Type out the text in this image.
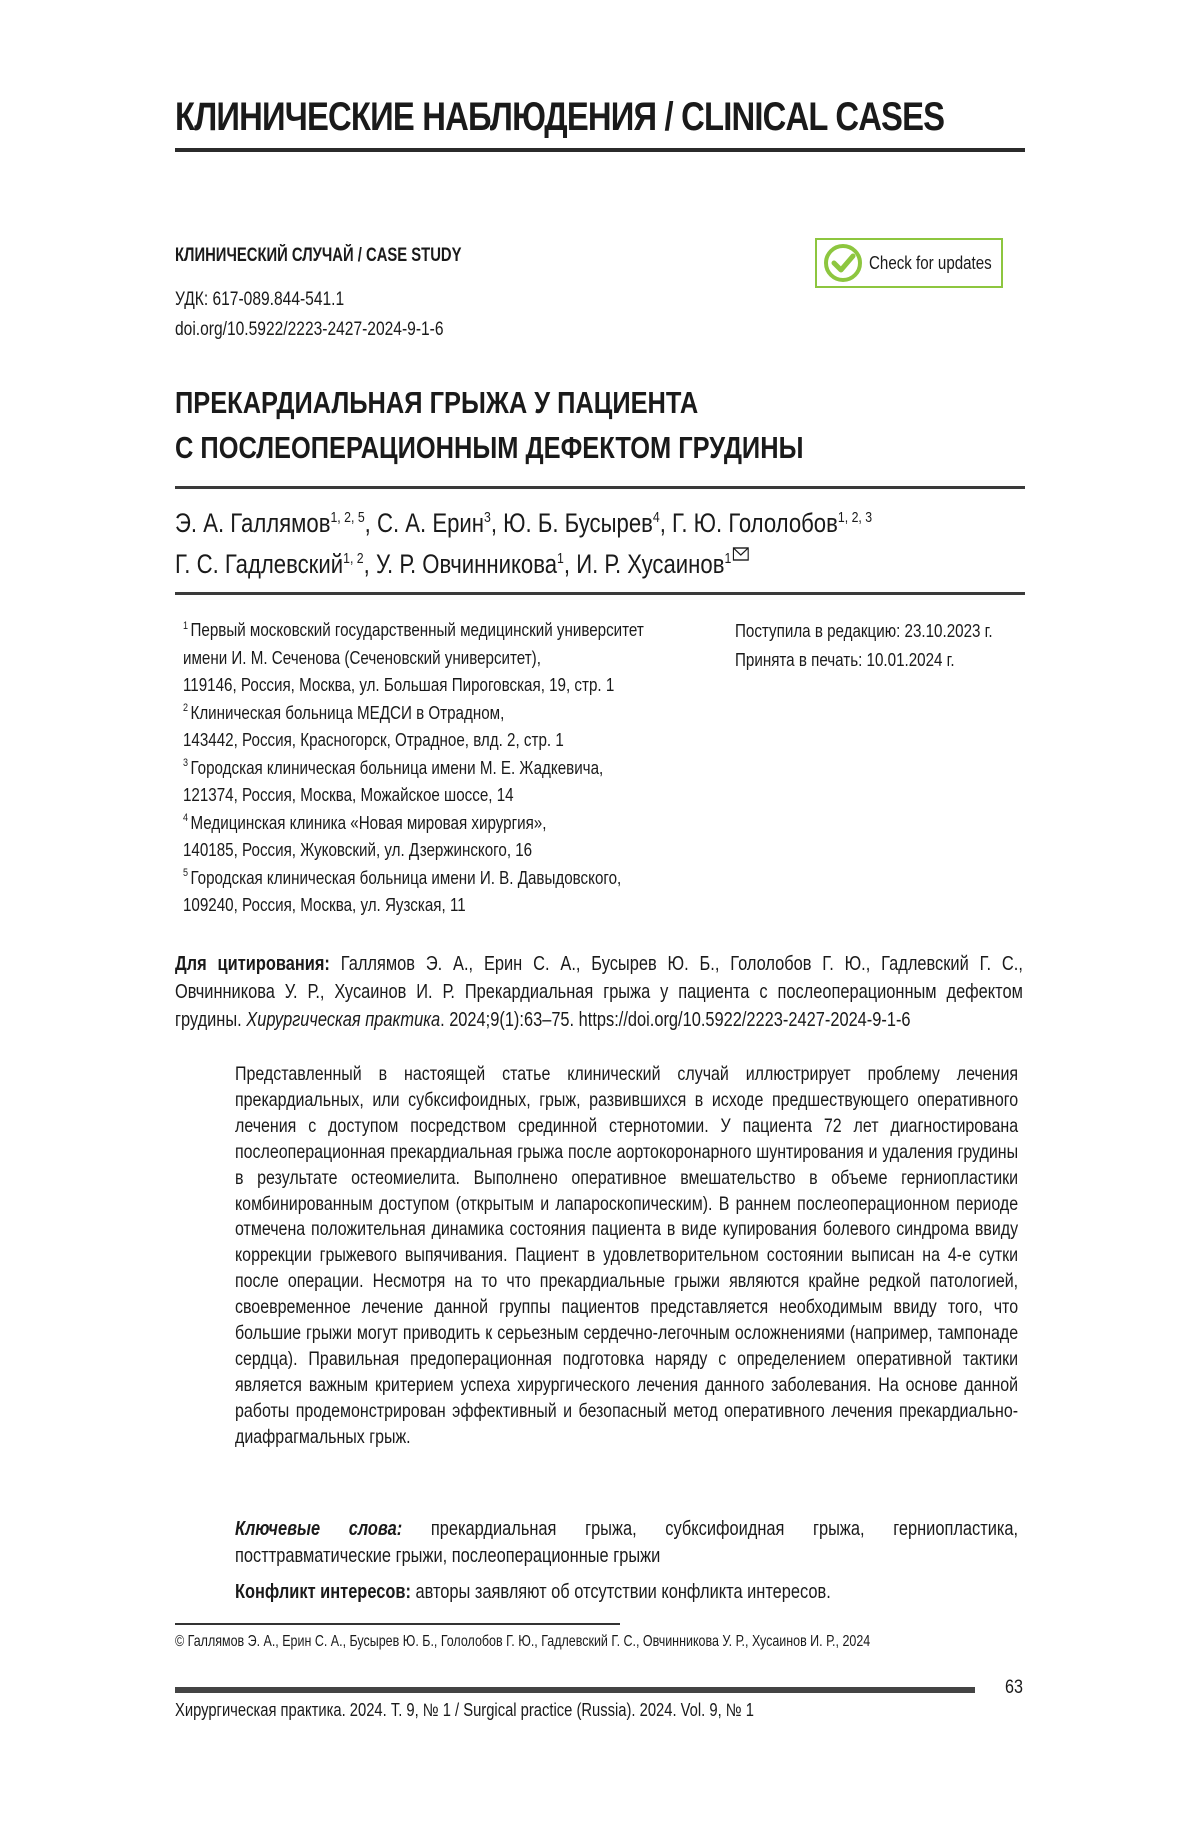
КЛИНИЧЕСКИЕ НАБЛЮДЕНИЯ / CLINICAL CASES
КЛИНИЧЕСКИЙ СЛУЧАЙ / CASE STUDY
УДК: 617-089.844-541.1
doi.org/10.5922/2223-2427-2024-9-1-6
Check for updates
ПРЕКАРДИАЛЬНАЯ ГРЫЖА У ПАЦИЕНТА
С ПОСЛЕОПЕРАЦИОННЫМ ДЕФЕКТОМ ГРУДИНЫ
Э. А. Галлямов$^{1, 2, 5}$, С. А. Ерин$^3$, Ю. Б. Бусырев$^4$, Г. Ю. Гололобов$^{1, 2, 3}$
Г. С. Гадлевский$^{1, 2}$, У. Р. Овчинникова$^1$, И. Р. Хусаинов$^1$
$^1$ Первый московский государственный медицинский университет
имени И. М. Сеченова (Сеченовский университет),
119146, Россия, Москва, ул. Большая Пироговская, 19, стр. 1
$^2$ Клиническая больница МЕДСИ в Отрадном,
143442, Россия, Красногорск, Отрадное, влд. 2, стр. 1
$^3$ Городская клиническая больница имени М. Е. Жадкевича,
121374, Россия, Москва, Можайское шоссе, 14
$^4$ Медицинская клиника «Новая мировая хирургия»,
140185, Россия, Жуковский, ул. Дзержинского, 16
$^5$ Городская клиническая больница имени И. В. Давыдовского,
109240, Россия, Москва, ул. Яузская, 11
Поступила в редакцию: 23.10.2023 г.
Принята в печать: 10.01.2024 г.
Для цитирования: Галлямов Э. А., Ерин С. А., Бусырев Ю. Б., Гололобов Г. Ю., Гадлевский Г. С., Овчинникова У. Р., Хусаинов И. Р. Прекардиальная грыжа у пациента с послеоперационным дефектом грудины. Хирургическая практика. 2024;9(1):63–75. https://doi.org/10.5922/2223-2427-2024-9-1-6
Представленный в настоящей статье клинический случай иллюстрирует проблему лечения прекардиальных, или субксифоидных, грыж, развившихся в исходе предшествующего оперативного лечения с доступом посредством срединной стернотомии. У пациента 72 лет диагностирована послеоперационная прекардиальная грыжа после аортокоронарного шунтирования и удаления грудины в результате остеомиелита. Выполнено оперативное вмешательство в объеме герниопластики комбинированным доступом (открытым и лапароскопическим). В раннем послеоперационном периоде отмечена положительная динамика состояния пациента в виде купирования болевого синдрома ввиду коррекции грыжевого выпячивания. Пациент в удовлетворительном состоянии выписан на 4-е сутки после операции. Несмотря на то что прекардиальные грыжи являются крайне редкой патологией, своевременное лечение данной группы пациентов представляется необходимым ввиду того, что большие грыжи могут приводить к серьезным сердечно-легочным осложнениями (например, тампонаде сердца). Правильная предоперационная подготовка наряду с определением оперативной тактики является важным критерием успеха хирургического лечения данного заболевания. На основе данной работы продемонстрирован эффективный и безопасный метод оперативного лечения прекардиально-диафрагмальных грыж.
Ключевые слова: прекардиальная грыжа, субксифоидная грыжа, герниопластика, посттравматические грыжи, послеоперационные грыжи
Конфликт интересов: авторы заявляют об отсутствии конфликта интересов.
© Галлямов Э. А., Ерин С. А., Бусырев Ю. Б., Гололобов Г. Ю., Гадлевский Г. С., Овчинникова У. Р., Хусаинов И. Р., 2024
63
Хирургическая практика. 2024. Т. 9, № 1 / Surgical practice (Russia). 2024. Vol. 9, № 1
